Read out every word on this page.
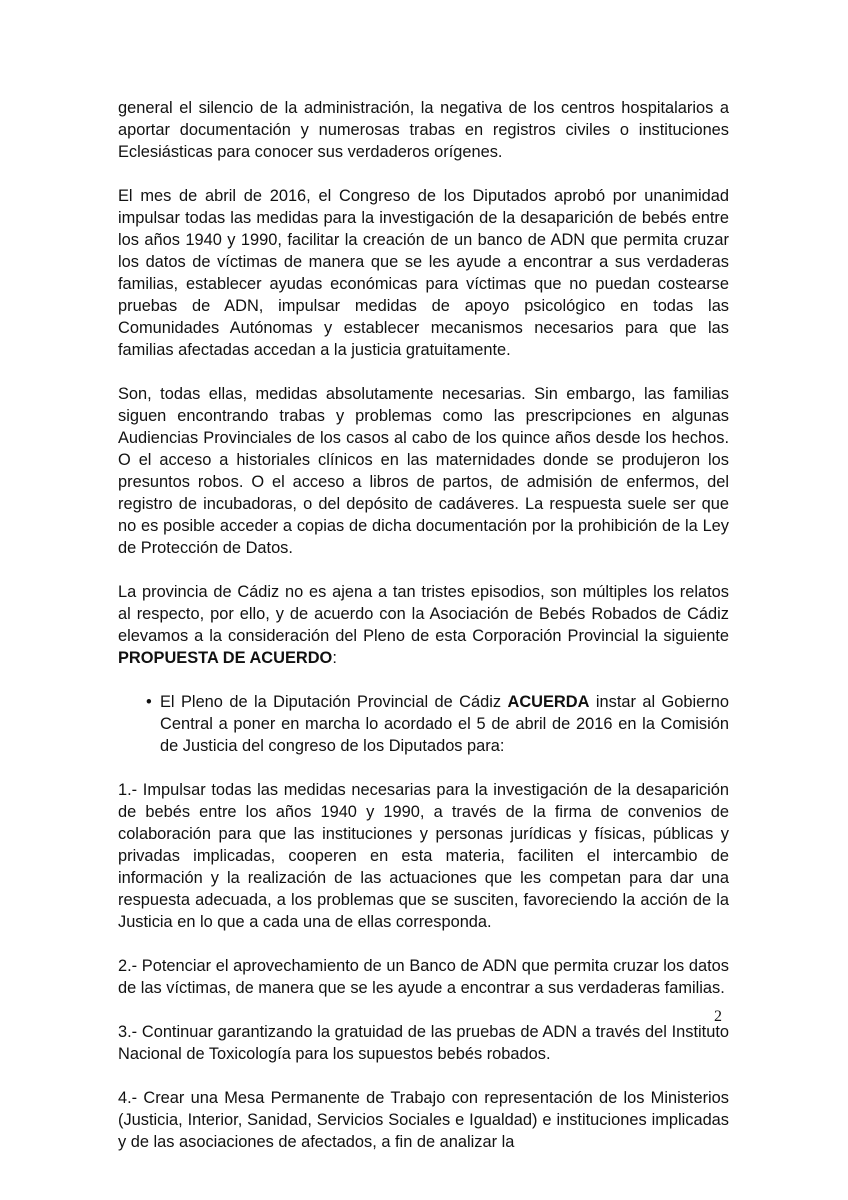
general el silencio de la administración, la negativa de los centros hospitalarios a aportar documentación y numerosas trabas en registros civiles o instituciones Eclesiásticas para conocer sus verdaderos orígenes.

El mes de abril de 2016, el Congreso de los Diputados aprobó por unanimidad impulsar todas las medidas para la investigación de la desaparición de bebés entre los años 1940 y 1990, facilitar la creación de un banco de ADN que permita cruzar los datos de víctimas de manera que se les ayude a encontrar a sus verdaderas familias, establecer ayudas económicas para víctimas que no puedan costearse pruebas de ADN, impulsar medidas de apoyo psicológico en todas las Comunidades Autónomas y establecer mecanismos necesarios para que las familias afectadas accedan a la justicia gratuitamente.

Son, todas ellas, medidas absolutamente necesarias. Sin embargo, las familias siguen encontrando trabas y problemas como las prescripciones en algunas Audiencias Provinciales de los casos al cabo de los quince años desde los hechos. O el acceso a historiales clínicos en las maternidades donde se produjeron los presuntos robos. O el acceso a libros de partos, de admisión de enfermos, del registro de incubadoras, o del depósito de cadáveres. La respuesta suele ser que no es posible acceder a copias de dicha documentación por la prohibición de la Ley de Protección de Datos.

La provincia de Cádiz no es ajena a tan tristes episodios, son múltiples los relatos al respecto, por ello, y de acuerdo con la Asociación de Bebés Robados de Cádiz elevamos a la consideración del Pleno de esta Corporación Provincial la siguiente PROPUESTA DE ACUERDO:

• El Pleno de la Diputación Provincial de Cádiz ACUERDA instar al Gobierno Central a poner en marcha lo acordado el 5 de abril de 2016 en la Comisión de Justicia del congreso de los Diputados para:

1.- Impulsar todas las medidas necesarias para la investigación de la desaparición de bebés entre los años 1940 y 1990, a través de la firma de convenios de colaboración para que las instituciones y personas jurídicas y físicas, públicas y privadas implicadas, cooperen en esta materia, faciliten el intercambio de información y la realización de las actuaciones que les competan para dar una respuesta adecuada, a los problemas que se susciten, favoreciendo la acción de la Justicia en lo que a cada una de ellas corresponda.

2.- Potenciar el aprovechamiento de un Banco de ADN que permita cruzar los datos de las víctimas, de manera que se les ayude a encontrar a sus verdaderas familias.

3.- Continuar garantizando la gratuidad de las pruebas de ADN a través del Instituto Nacional de Toxicología para los supuestos bebés robados.

4.- Crear una Mesa Permanente de Trabajo con representación de los Ministerios (Justicia, Interior, Sanidad, Servicios Sociales e Igualdad) e instituciones implicadas y de las asociaciones de afectados, a fin de analizar la

2
